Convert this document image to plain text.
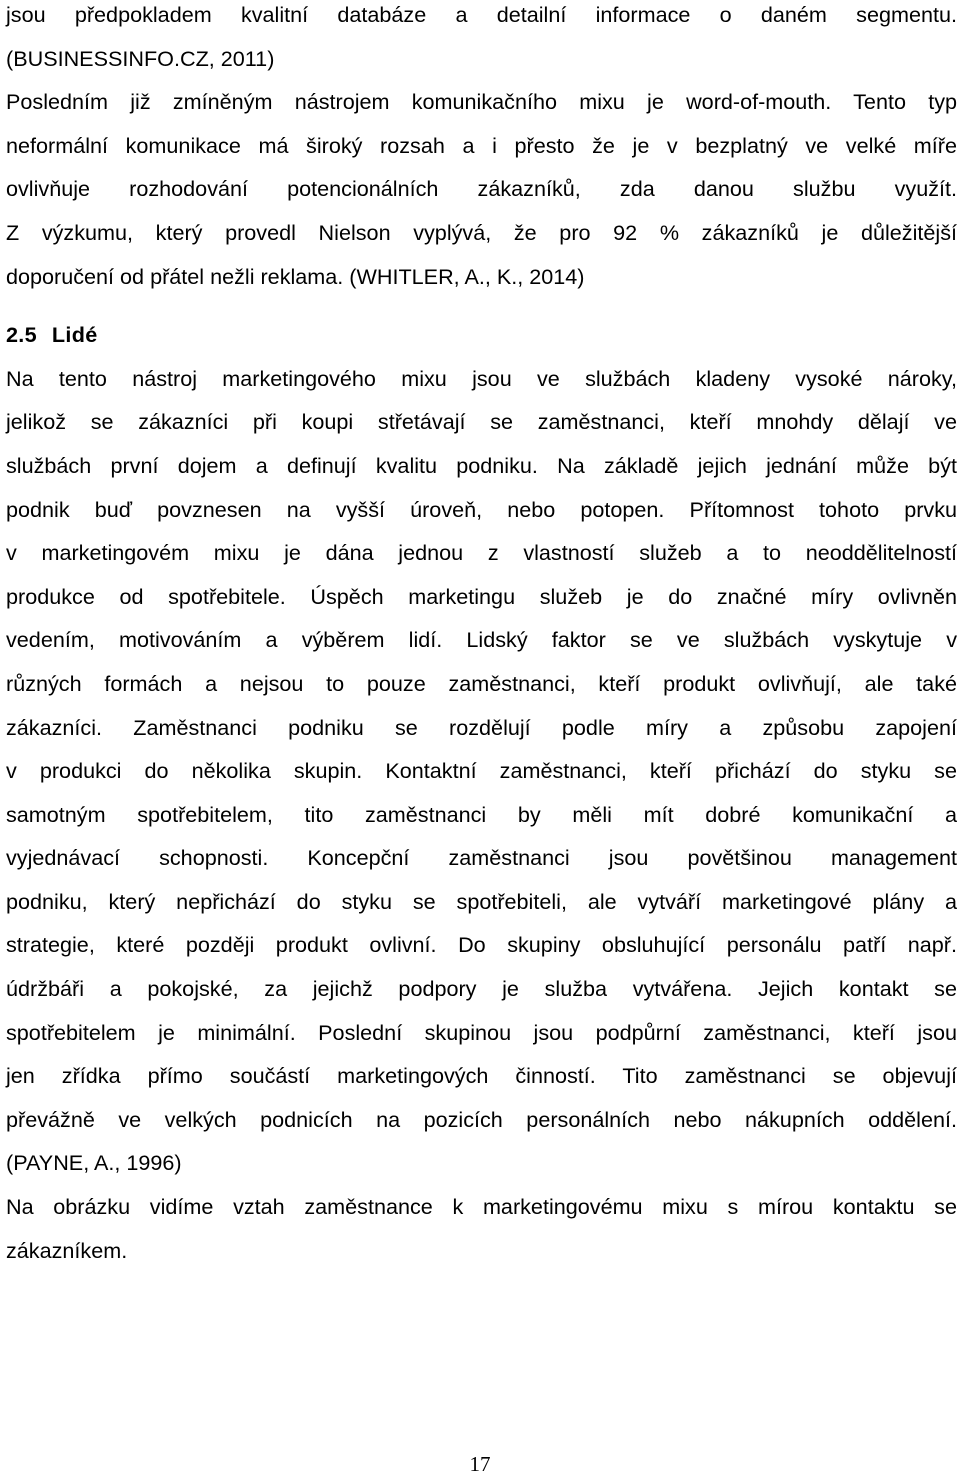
jsou předpokladem kvalitní databáze a detailní informace o daném segmentu.
(BUSINESSINFO.CZ, 2011)
Posledním již zmíněným nástrojem komunikačního mixu je word-of-mouth. Tento typ
neformální komunikace má široký rozsah a i přesto že je v bezplatný ve velké míře
ovlivňuje rozhodování potencionálních zákazníků, zda danou službu využít.
Z výzkumu, který provedl Nielson vyplývá, že pro 92 % zákazníků je důležitější
doporučení od přátel nežli reklama. (WHITLER, A., K., 2014)
2.5 Lidé
Na tento nástroj marketingového mixu jsou ve službách kladeny vysoké nároky,
jelikož se zákazníci při koupi střetávají se zaměstnanci, kteří mnohdy dělají ve
službách první dojem a definují kvalitu podniku. Na základě jejich jednání může být
podnik buď povznesen na vyšší úroveň, nebo potopen. Přítomnost tohoto prvku
v marketingovém mixu je dána jednou z vlastností služeb a to neoddělitelností
produkce od spotřebitele. Úspěch marketingu služeb je do značné míry ovlivněn
vedením, motivováním a výběrem lidí. Lidský faktor se ve službách vyskytuje v
různých formách a nejsou to pouze zaměstnanci, kteří produkt ovlivňují, ale také
zákazníci. Zaměstnanci podniku se rozdělují podle míry a způsobu zapojení
v produkci do několika skupin. Kontaktní zaměstnanci, kteří přichází do styku se
samotným spotřebitelem, tito zaměstnanci by měli mít dobré komunikační a
vyjednávací schopnosti. Koncepční zaměstnanci jsou povětšinou management
podniku, který nepřichází do styku se spotřebiteli, ale vytváří marketingové plány a
strategie, které později produkt ovlivní. Do skupiny obsluhující personálu patří např.
údržbáři a pokojské, za jejichž podpory je služba vytvářena. Jejich kontakt se
spotřebitelem je minimální. Poslední skupinou jsou podpůrní zaměstnanci, kteří jsou
jen zřídka přímo součástí marketingových činností. Tito zaměstnanci se objevují
převážně ve velkých podnicích na pozicích personálních nebo nákupních oddělení.
(PAYNE, A., 1996)
Na obrázku vidíme vztah zaměstnance k marketingovému mixu s mírou kontaktu se
zákazníkem.
17
